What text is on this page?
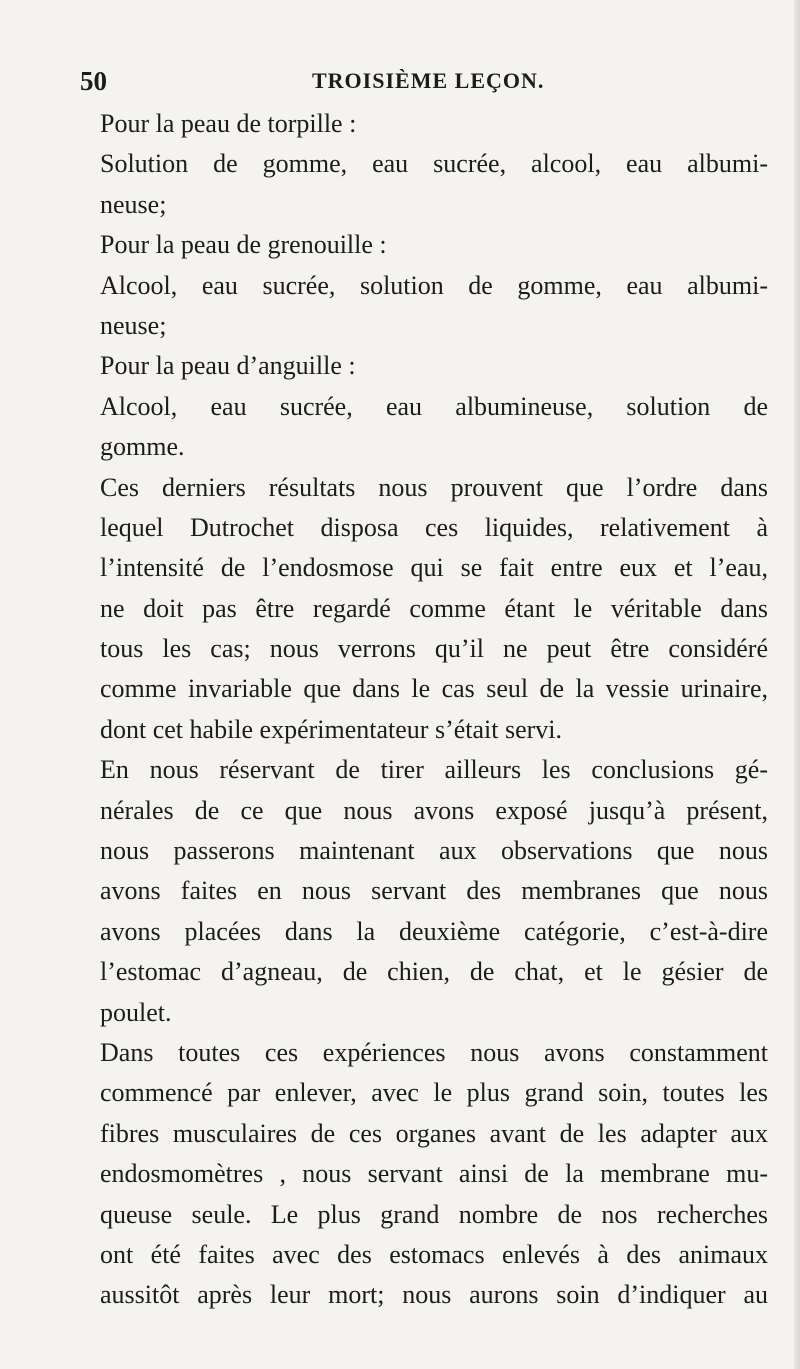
50	TROISIÈME LEÇON.
Pour la peau de torpille :
Solution de gomme, eau sucrée, alcool, eau albumi-
neuse;
Pour la peau de grenouille :
Alcool, eau sucrée, solution de gomme, eau albumi-
neuse;
Pour la peau d’anguille :
Alcool, eau sucrée, eau albumineuse, solution de
gomme.
Ces derniers résultats nous prouvent que l’ordre dans
lequel Dutrochet disposa ces liquides, relativement à
l’intensité de l’endosmose qui se fait entre eux et l’eau,
ne doit pas être regardé comme étant le véritable dans
tous les cas; nous verrons qu’il ne peut être considéré
comme invariable que dans le cas seul de la vessie urinaire,
dont cet habile expérimentateur s’était servi.
En nous réservant de tirer ailleurs les conclusions gé-
nérales de ce que nous avons exposé jusqu’à présent,
nous passerons maintenant aux observations que nous
avons faites en nous servant des membranes que nous
avons placées dans la deuxième catégorie, c’est-à-dire
l’estomac d’agneau, de chien, de chat, et le gésier de
poulet.
Dans toutes ces expériences nous avons constamment
commencé par enlever, avec le plus grand soin, toutes les
fibres musculaires de ces organes avant de les adapter aux
endosmomètres , nous servant ainsi de la membrane mu-
queuse seule. Le plus grand nombre de nos recherches
ont été faites avec des estomacs enlevés à des animaux
aussitôt après leur mort; nous aurons soin d’indiquer au
